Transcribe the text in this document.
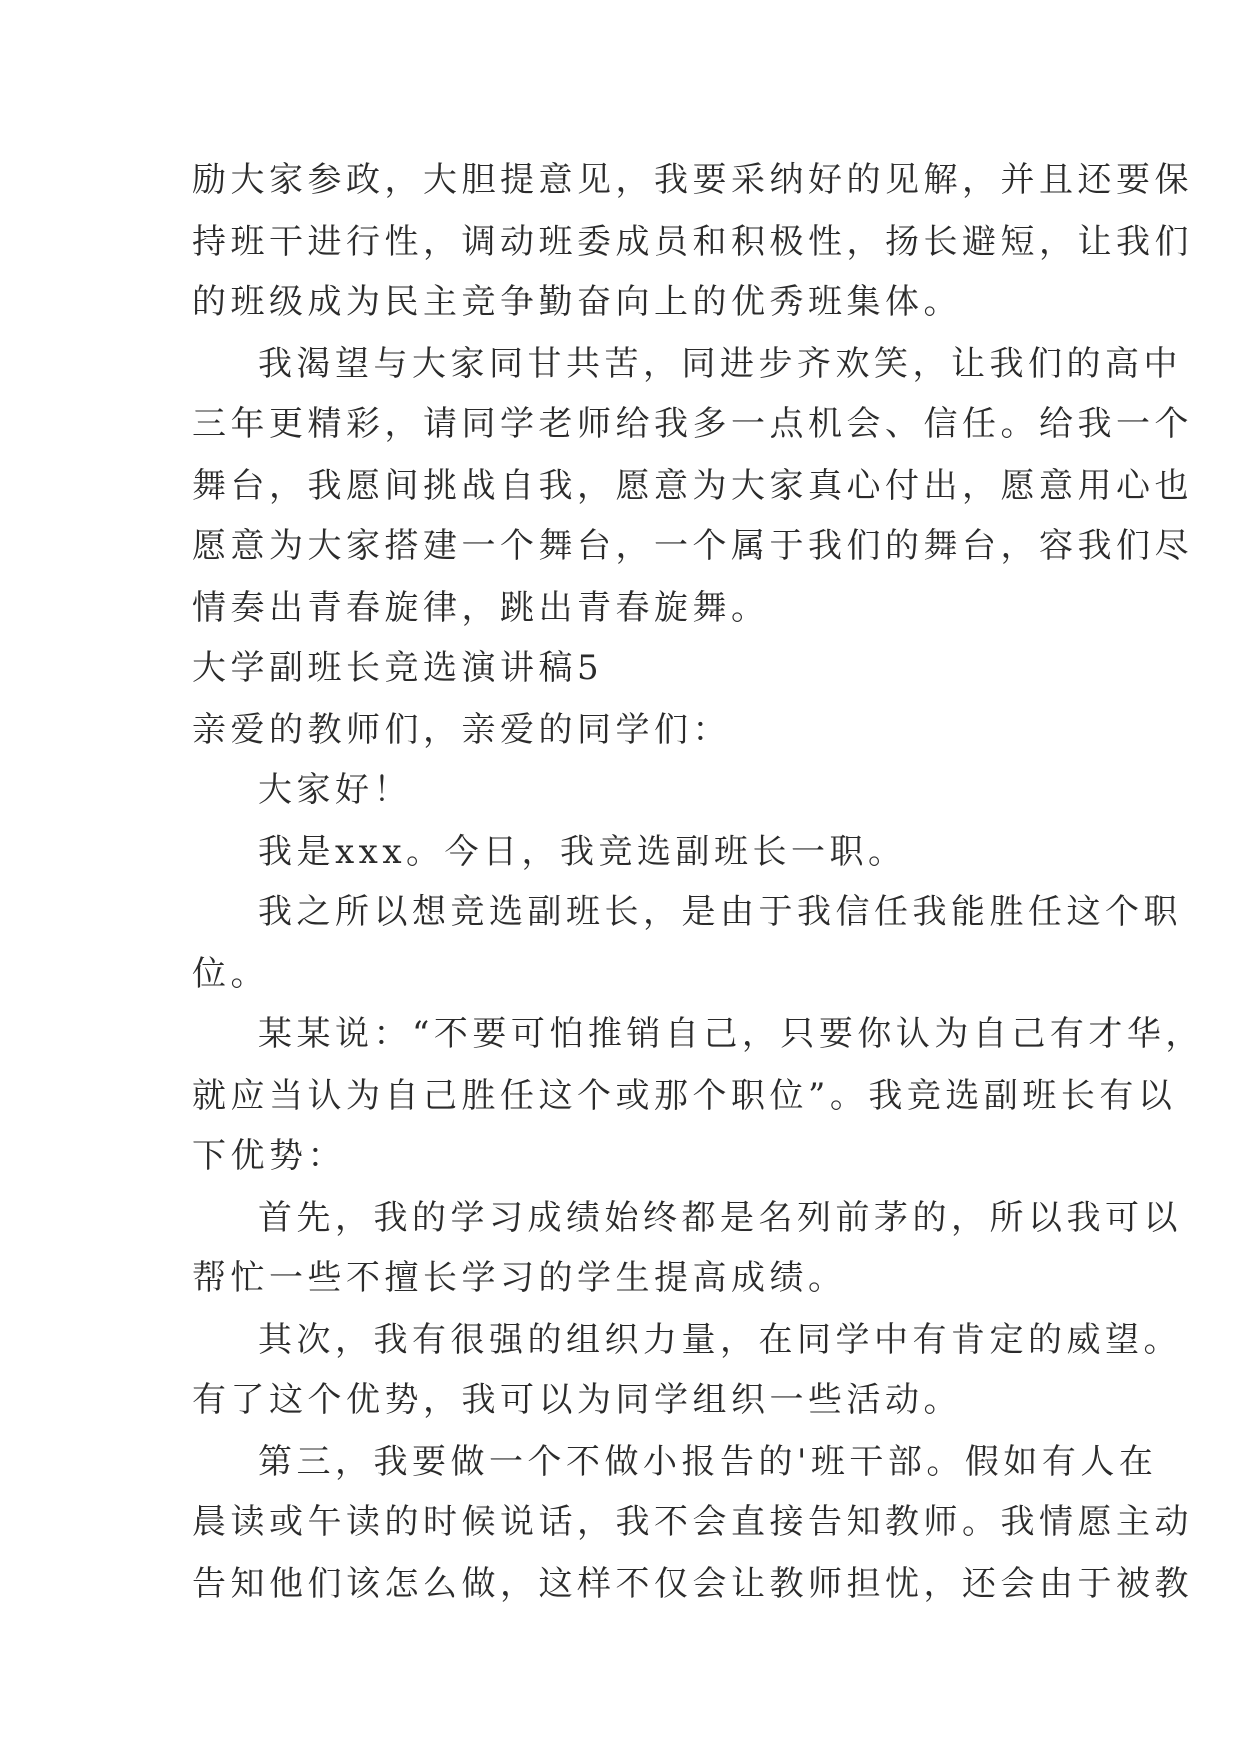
励大家参政，大胆提意见，我要采纳好的见解，并且还要保
持班干进行性，调动班委成员和积极性，扬长避短，让我们
的班级成为民主竞争勤奋向上的优秀班集体。
我渴望与大家同甘共苦，同进步齐欢笑，让我们的高中
三年更精彩，请同学老师给我多一点机会、信任。给我一个
舞台，我愿间挑战自我，愿意为大家真心付出，愿意用心也
愿意为大家搭建一个舞台，一个属于我们的舞台，容我们尽
情奏出青春旋律，跳出青春旋舞。
大学副班长竞选演讲稿5
亲爱的教师们，亲爱的同学们：
大家好！
我是xxx。今日，我竞选副班长一职。
我之所以想竞选副班长，是由于我信任我能胜任这个职
位。
某某说：“不要可怕推销自己，只要你认为自己有才华，
就应当认为自己胜任这个或那个职位”。我竞选副班长有以
下优势：
首先，我的学习成绩始终都是名列前茅的，所以我可以
帮忙一些不擅长学习的学生提高成绩。
其次，我有很强的组织力量，在同学中有肯定的威望。
有了这个优势，我可以为同学组织一些活动。
第三，我要做一个不做小报告的'班干部。假如有人在
晨读或午读的时候说话，我不会直接告知教师。我情愿主动
告知他们该怎么做，这样不仅会让教师担忧，还会由于被教
